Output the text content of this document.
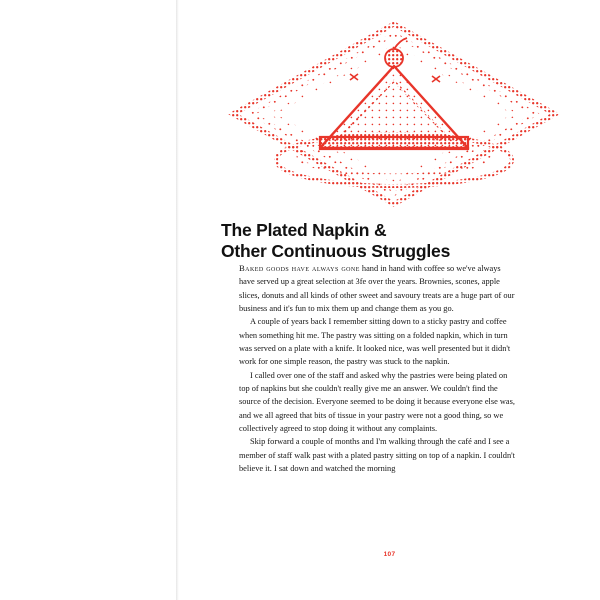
The Plated Napkin &
Other Continuous Struggles

Baked goods have always gone hand in hand with coffee so we've always have served up a great selection at 3fe over the years. Brownies, scones, apple slices, donuts and all kinds of other sweet and savoury treats are a huge part of our business and it's fun to mix them up and change them as you go.

A couple of years back I remember sitting down to a sticky pastry and coffee when something hit me. The pastry was sitting on a folded napkin, which in turn was served on a plate with a knife. It looked nice, was well presented but it didn't work for one simple reason, the pastry was stuck to the napkin.

I called over one of the staff and asked why the pastries were being plated on top of napkins but she couldn't really give me an answer. We couldn't find the source of the decision. Everyone seemed to be doing it because everyone else was, and we all agreed that bits of tissue in your pastry were not a good thing, so we collectively agreed to stop doing it without any complaints.

Skip forward a couple of months and I'm walking through the café and I see a member of staff walk past with a plated pastry sitting on top of a napkin. I couldn't believe it. I sat down and watched the morning

107
